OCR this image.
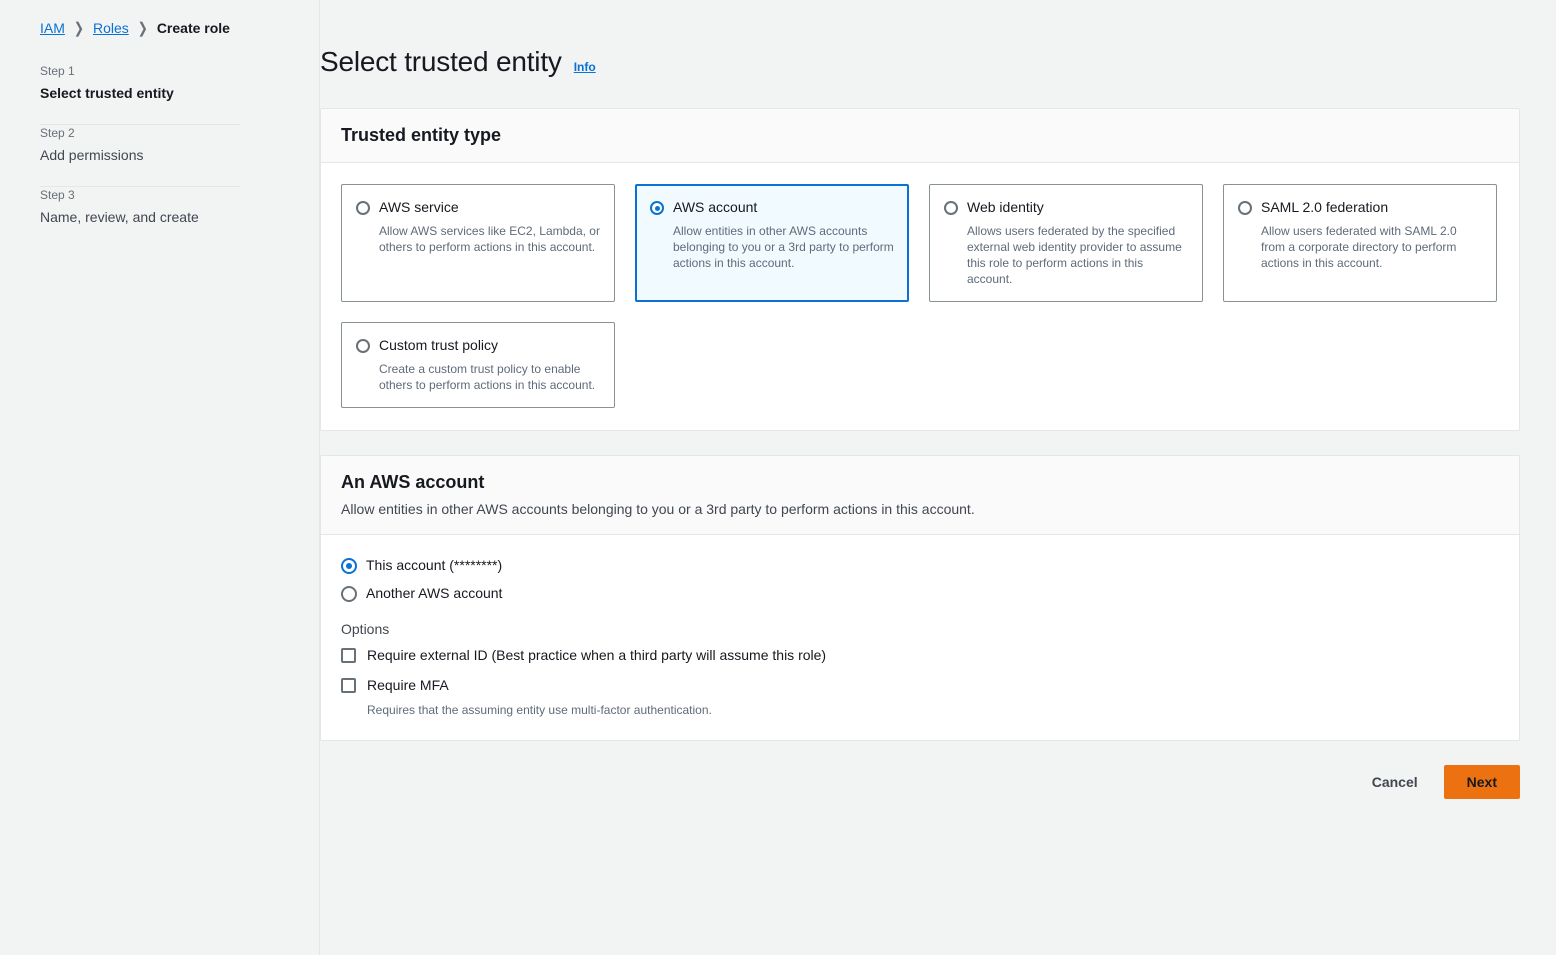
IAM ❯ Roles ❯ Create role
Step 1
Select trusted entity
Step 2
Add permissions
Step 3
Name, review, and create
Select trusted entity Info
Trusted entity type
AWS service
Allow AWS services like EC2, Lambda, or others to perform actions in this account.
AWS account
Allow entities in other AWS accounts belonging to you or a 3rd party to perform actions in this account.
Web identity
Allows users federated by the specified external web identity provider to assume this role to perform actions in this account.
SAML 2.0 federation
Allow users federated with SAML 2.0 from a corporate directory to perform actions in this account.
Custom trust policy
Create a custom trust policy to enable others to perform actions in this account.
An AWS account
Allow entities in other AWS accounts belonging to you or a 3rd party to perform actions in this account.
This account (********)
Another AWS account
Options
Require external ID (Best practice when a third party will assume this role)
Require MFA
Requires that the assuming entity use multi-factor authentication.
Cancel	Next
